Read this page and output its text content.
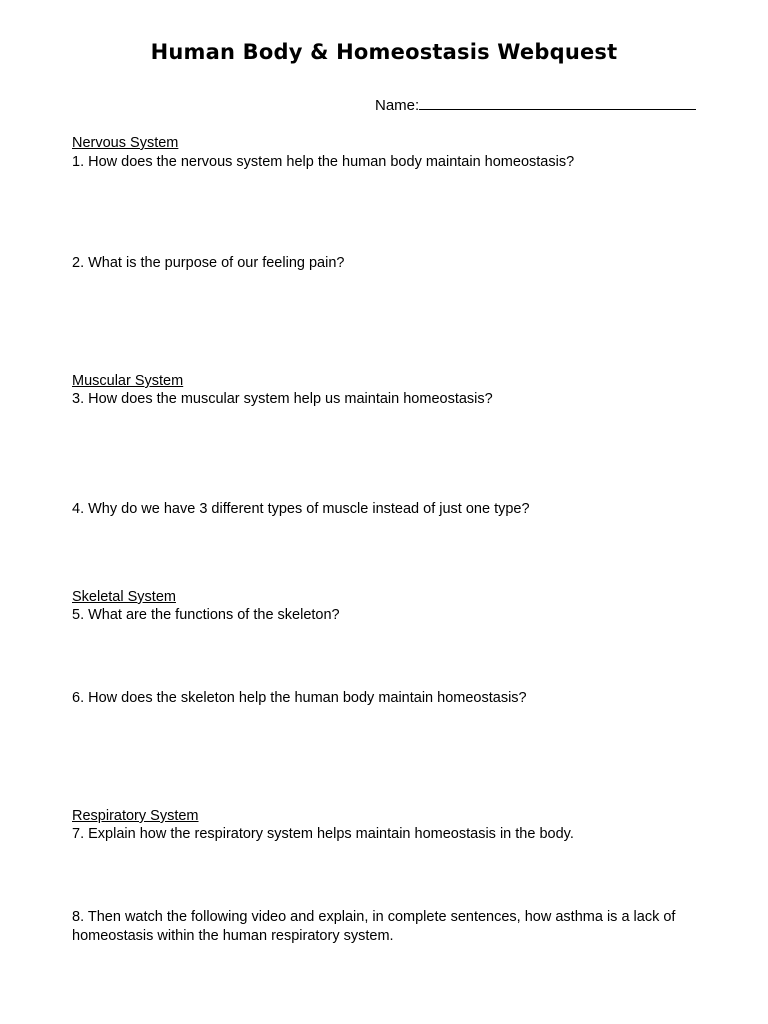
Human Body & Homeostasis Webquest
Name:

Nervous System

1. How does the nervous system help the human body maintain homeostasis?

2. What is the purpose of our feeling pain?

Muscular System

3. How does the muscular system help us maintain homeostasis?

4. Why do we have 3 different types of muscle instead of just one type?

Skeletal System

5. What are the functions of the skeleton?

6. How does the skeleton help the human body maintain homeostasis?

Respiratory System

7. Explain how the respiratory system helps maintain homeostasis in the body.

8. Then watch the following video and explain, in complete sentences, how asthma is a lack of homeostasis within the human respiratory system.
